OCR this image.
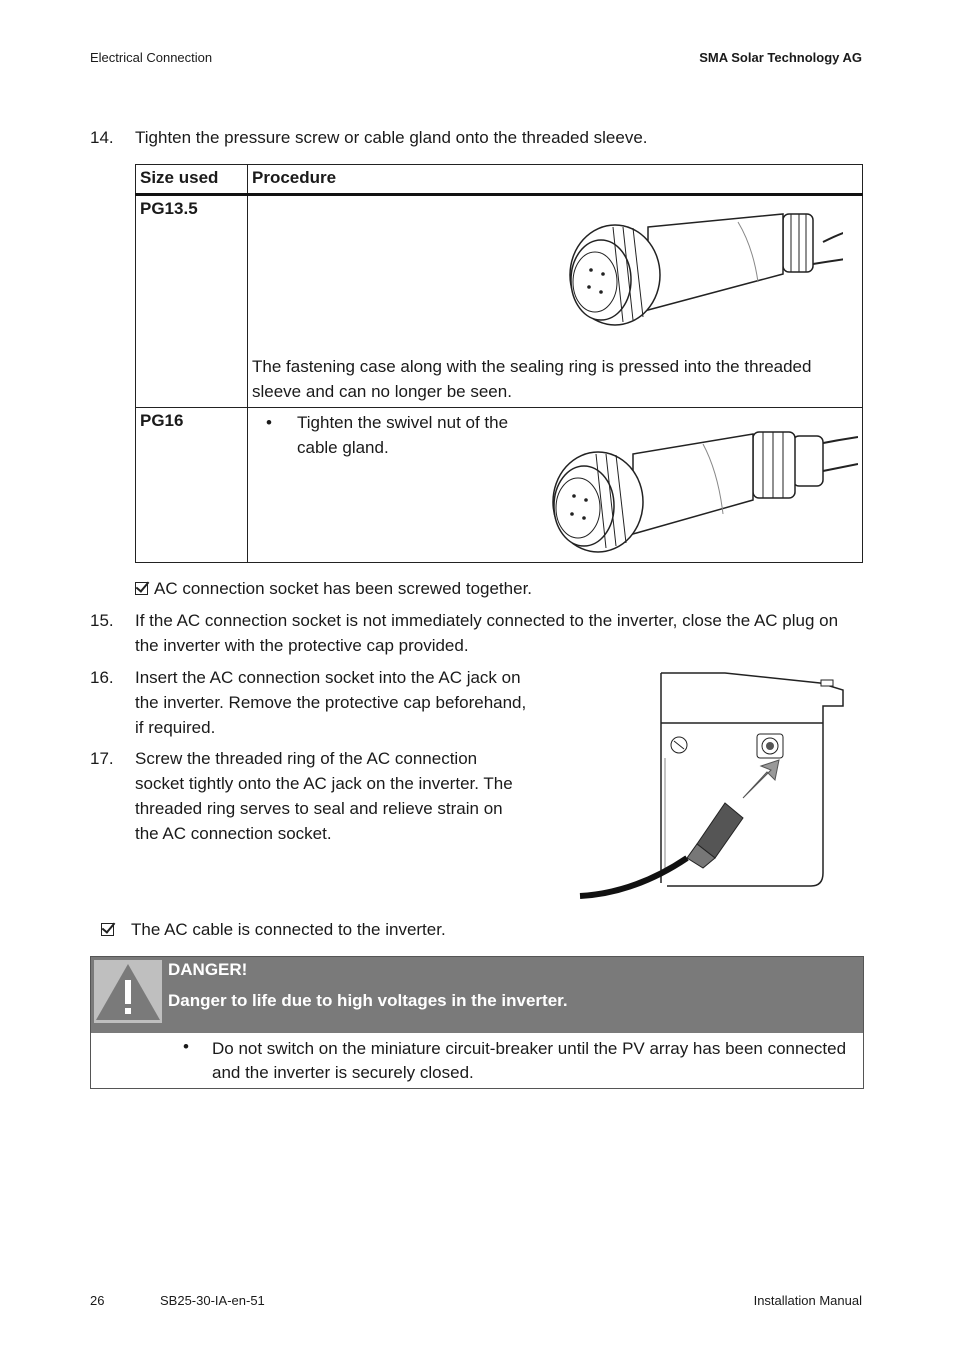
Electrical Connection	SMA Solar Technology AG
14. Tighten the pressure screw or cable gland onto the threaded sleeve.
Size used	Procedure
PG13.5	The fastening case along with the sealing ring is pressed into the threaded sleeve and can no longer be seen.

PG16	• Tighten the swivel nut of the cable gland.
AC connection socket has been screwed together.
15. If the AC connection socket is not immediately connected to the inverter, close the AC plug on the inverter with the protective cap provided.
16. Insert the AC connection socket into the AC jack on the inverter. Remove the protective cap beforehand, if required.
17. Screw the threaded ring of the AC connection socket tightly onto the AC jack on the inverter. The threaded ring serves to seal and relieve strain on the AC connection socket.
The AC cable is connected to the inverter.
DANGER!
Danger to life due to high voltages in the inverter.
• Do not switch on the miniature circuit-breaker until the PV array has been connected and the inverter is securely closed.
26	SB25-30-IA-en-51	Installation Manual
